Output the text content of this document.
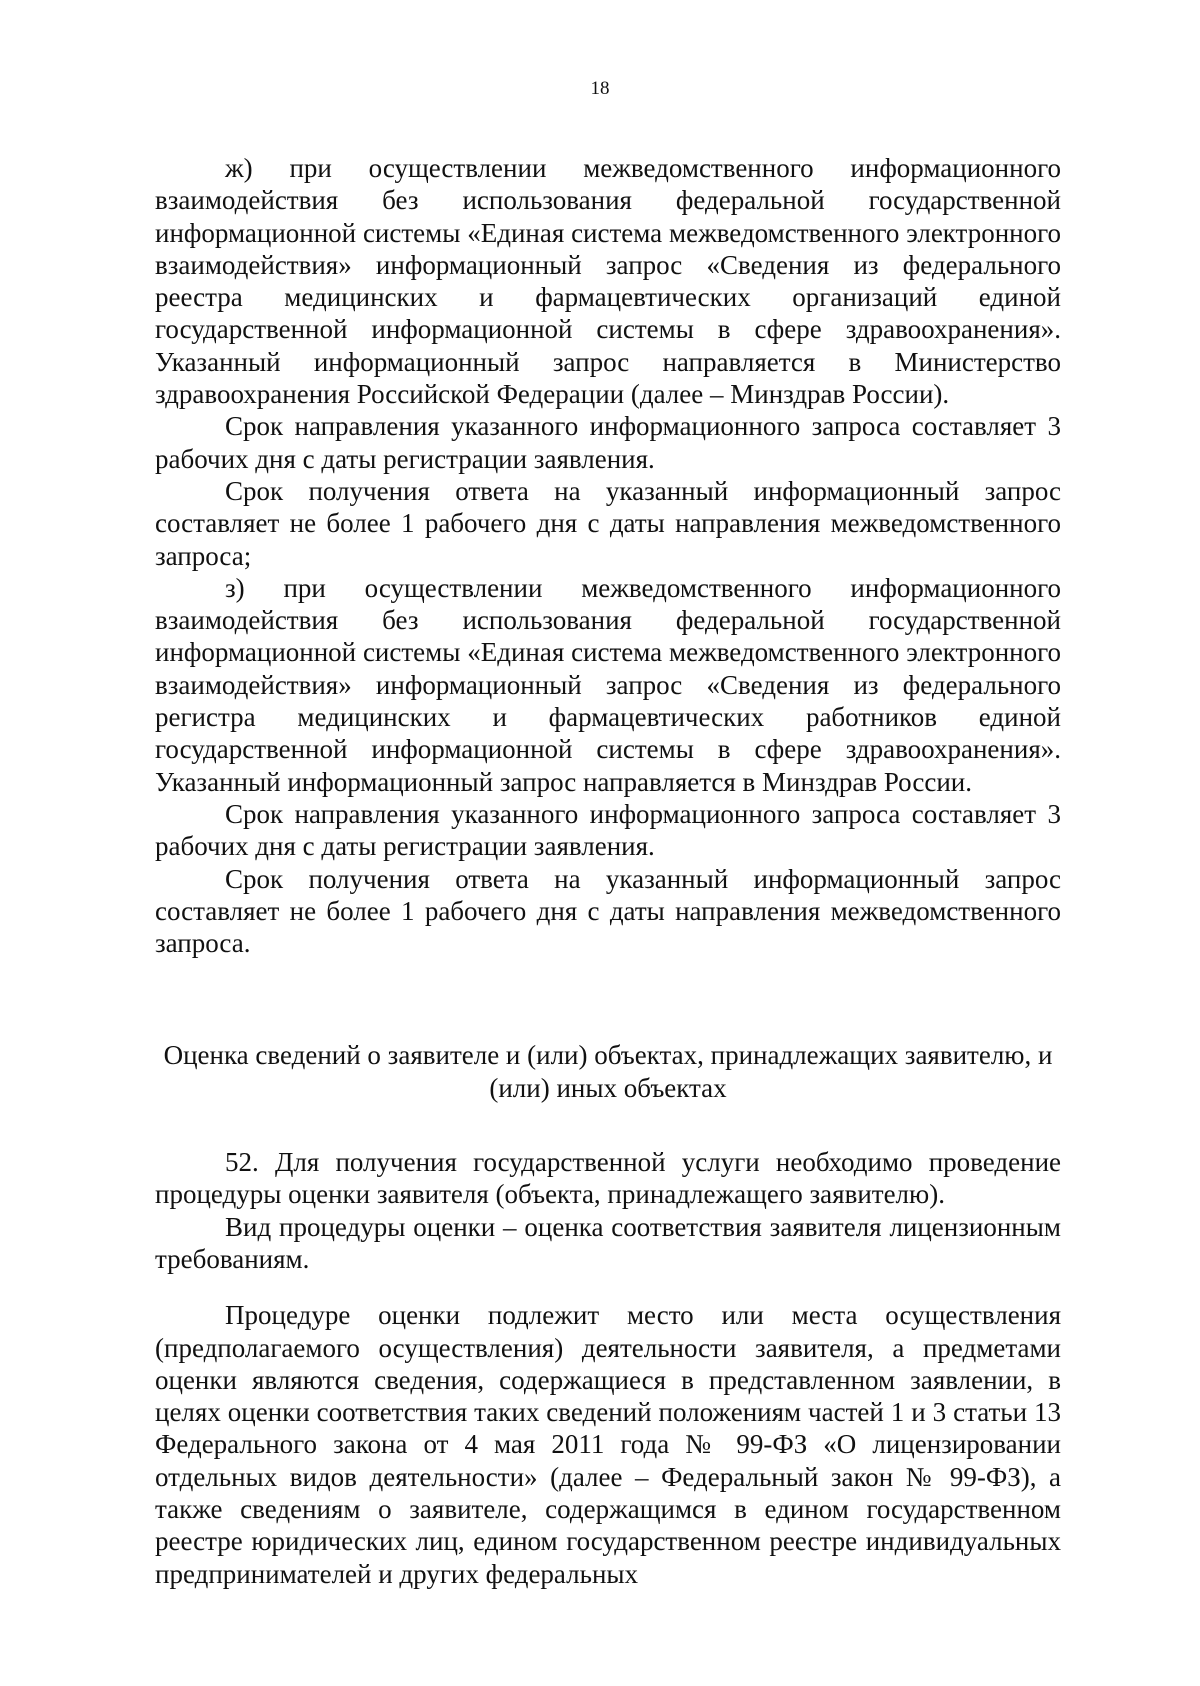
18

ж) при осуществлении межведомственного информационного взаимодействия без использования федеральной государственной информационной системы «Единая система межведомственного электронного взаимодействия» информационный запрос «Сведения из федерального реестра медицинских и фармацевтических организаций единой государственной информационной системы в сфере здравоохранения». Указанный информационный запрос направляется в Министерство здравоохранения Российской Федерации (далее – Минздрав России).

Срок направления указанного информационного запроса составляет 3 рабочих дня с даты регистрации заявления.

Срок получения ответа на указанный информационный запрос составляет не более 1 рабочего дня с даты направления межведомственного запроса;

з) при осуществлении межведомственного информационного взаимодействия без использования федеральной государственной информационной системы «Единая система межведомственного электронного взаимодействия» информационный запрос «Сведения из федерального регистра медицинских и фармацевтических работников единой государственной информационной системы в сфере здравоохранения». Указанный информационный запрос направляется в Минздрав России.

Срок направления указанного информационного запроса составляет 3 рабочих дня с даты регистрации заявления.

Срок получения ответа на указанный информационный запрос составляет не более 1 рабочего дня с даты направления межведомственного запроса.

Оценка сведений о заявителе и (или) объектах, принадлежащих заявителю, и (или) иных объектах

52. Для получения государственной услуги необходимо проведение процедуры оценки заявителя (объекта, принадлежащего заявителю).

Вид процедуры оценки – оценка соответствия заявителя лицензионным требованиям.

Процедуре оценки подлежит место или места осуществления (предполагаемого осуществления) деятельности заявителя, а предметами оценки являются сведения, содержащиеся в представленном заявлении, в целях оценки соответствия таких сведений положениям частей 1 и 3 статьи 13 Федерального закона от 4 мая 2011 года № 99-ФЗ «О лицензировании отдельных видов деятельности» (далее – Федеральный закон № 99-ФЗ), а также сведениям о заявителе, содержащимся в едином государственном реестре юридических лиц, едином государственном реестре индивидуальных предпринимателей и других федеральных
